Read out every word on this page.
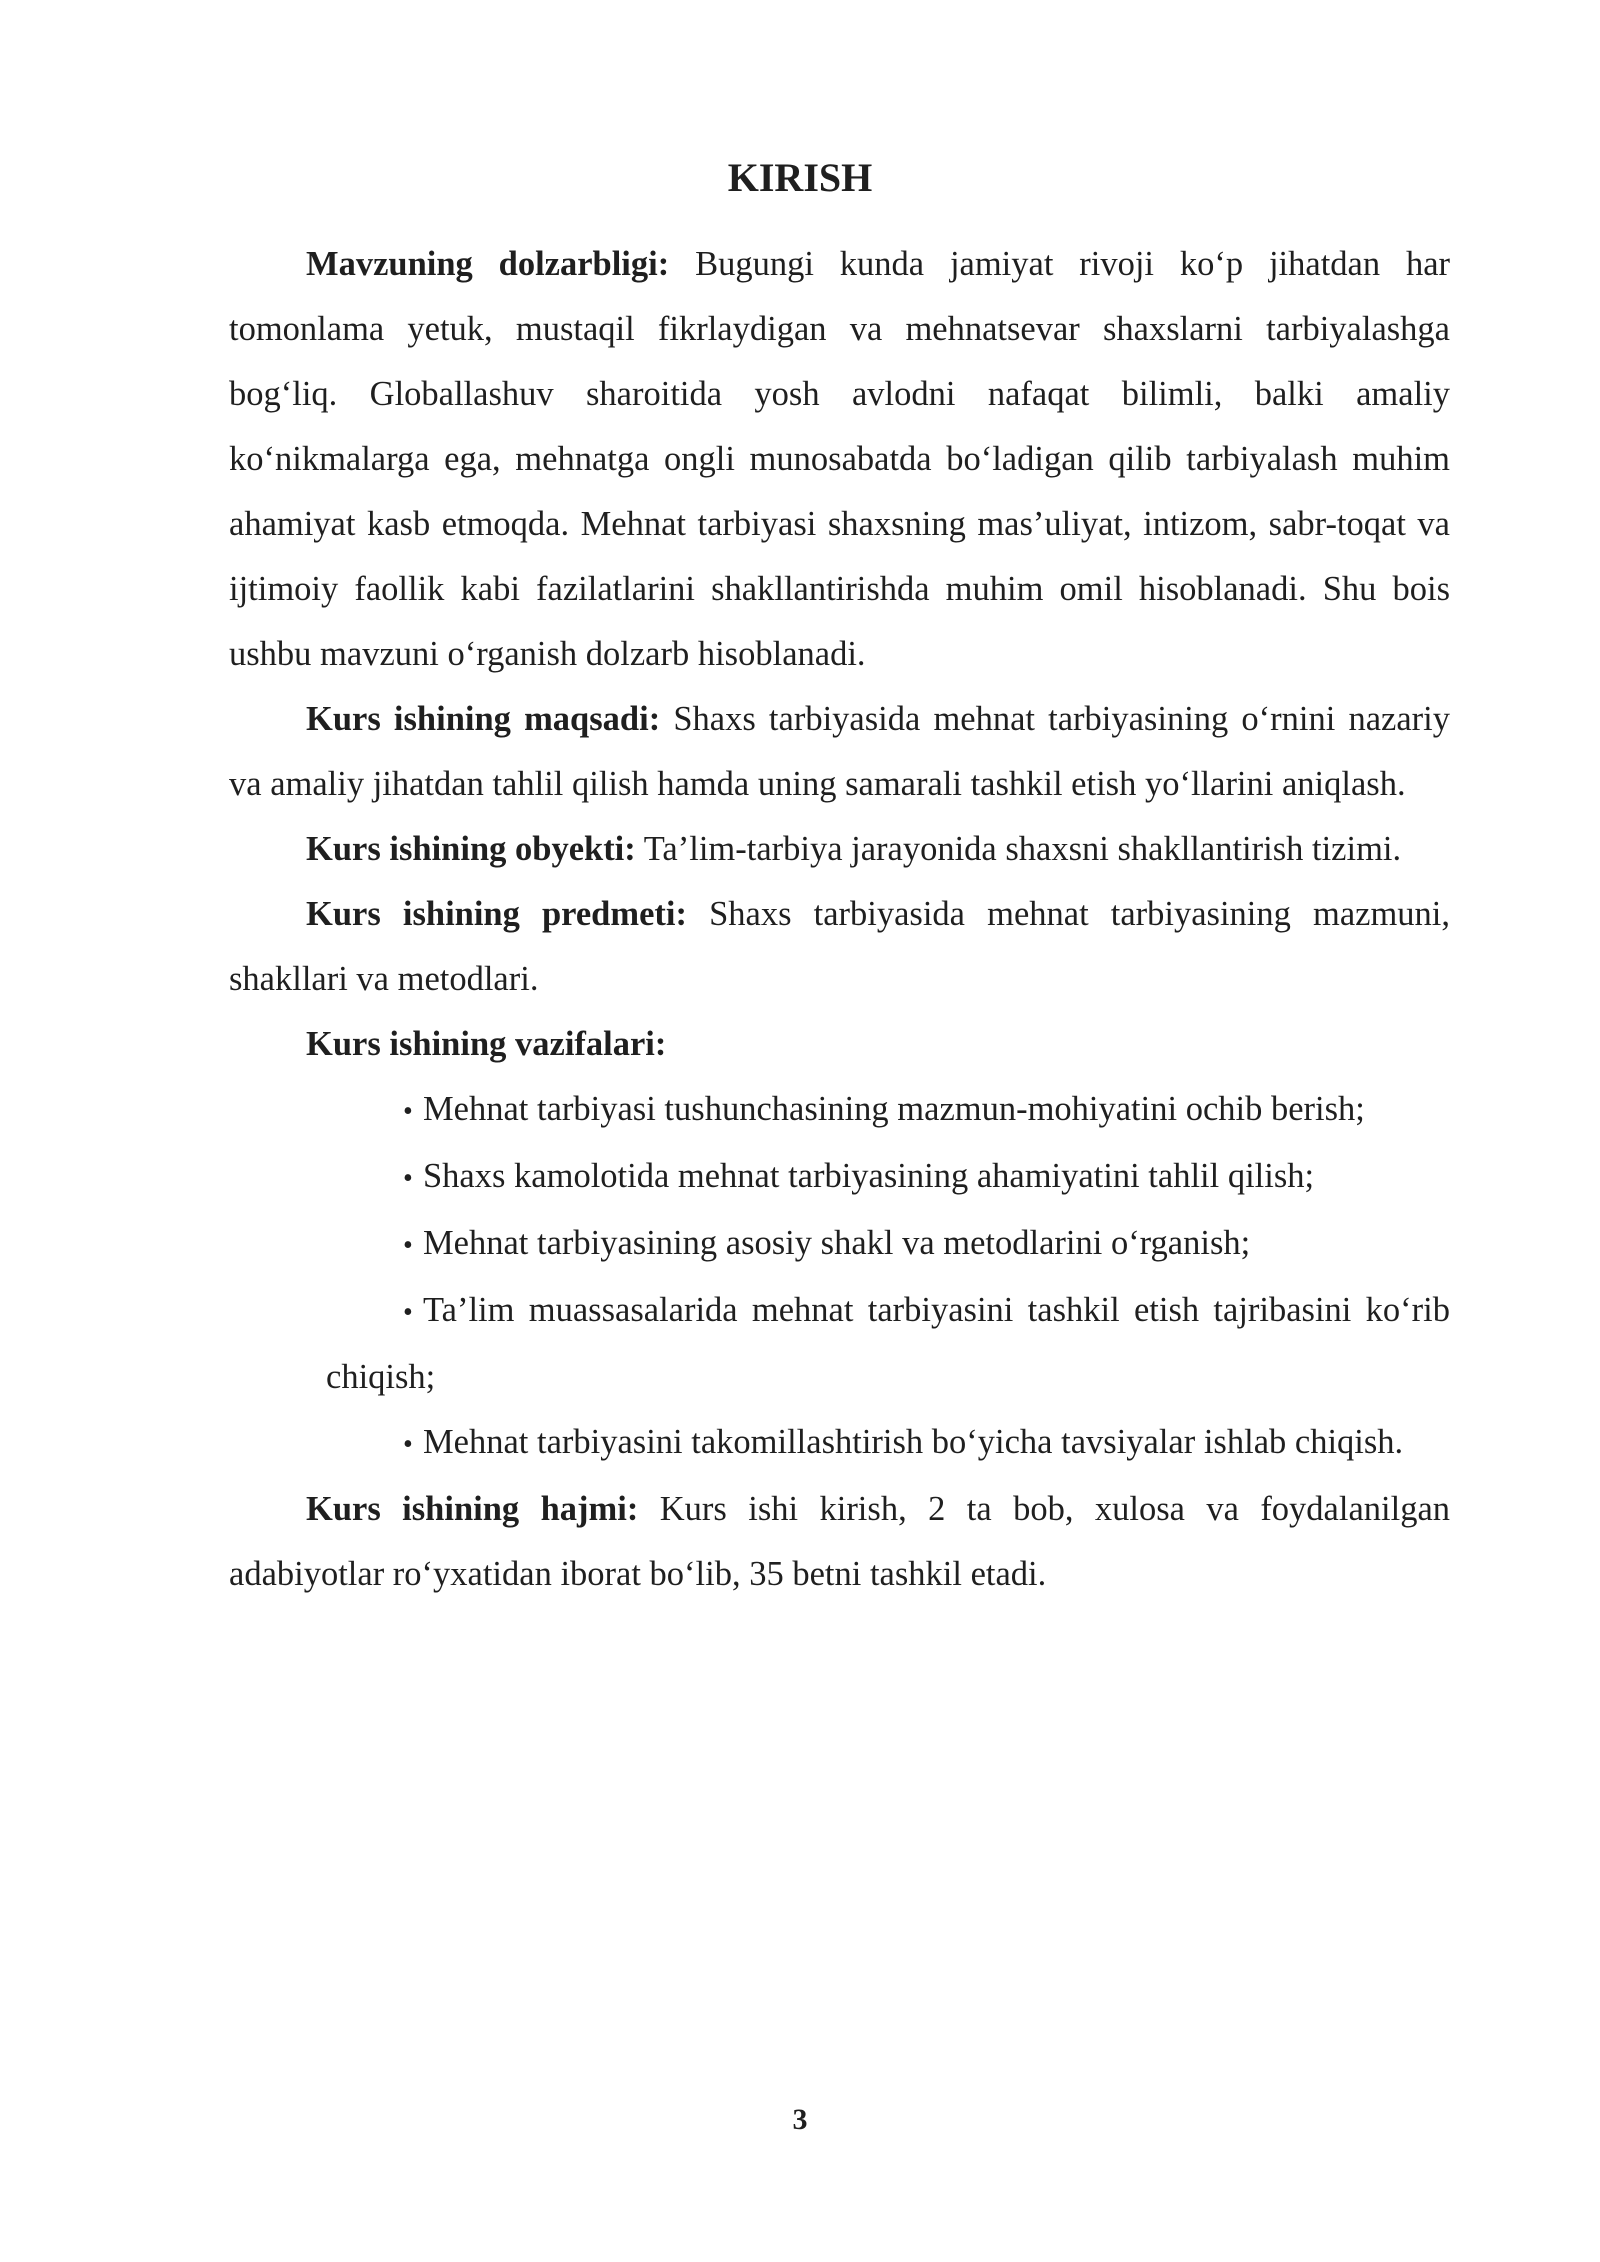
KIRISH

Mavzuning dolzarbligi: Bugungi kunda jamiyat rivoji ko‘p jihatdan har tomonlama yetuk, mustaqil fikrlaydigan va mehnatsevar shaxslarni tarbiyalashga bog‘liq. Globallashuv sharoitida yosh avlodni nafaqat bilimli, balki amaliy ko‘nikmalarga ega, mehnatga ongli munosabatda bo‘ladigan qilib tarbiyalash muhim ahamiyat kasb etmoqda. Mehnat tarbiyasi shaxsning mas’uliyat, intizom, sabr-toqat va ijtimoiy faollik kabi fazilatlarini shakllantirishda muhim omil hisoblanadi. Shu bois ushbu mavzuni o‘rganish dolzarb hisoblanadi.

Kurs ishining maqsadi: Shaxs tarbiyasida mehnat tarbiyasining o‘rnini nazariy va amaliy jihatdan tahlil qilish hamda uning samarali tashkil etish yo‘llarini aniqlash.

Kurs ishining obyekti: Ta’lim-tarbiya jarayonida shaxsni shakllantirish tizimi.

Kurs ishining predmeti: Shaxs tarbiyasida mehnat tarbiyasining mazmuni, shakllari va metodlari.

Kurs ishining vazifalari:

• Mehnat tarbiyasi tushunchasining mazmun-mohiyatini ochib berish;

• Shaxs kamolotida mehnat tarbiyasining ahamiyatini tahlil qilish;

• Mehnat tarbiyasining asosiy shakl va metodlarini o‘rganish;

• Ta’lim muassasalarida mehnat tarbiyasini tashkil etish tajribasini ko‘rib chiqish;

• Mehnat tarbiyasini takomillashtirish bo‘yicha tavsiyalar ishlab chiqish.

Kurs ishining hajmi: Kurs ishi kirish, 2 ta bob, xulosa va foydalanilgan adabiyotlar ro‘yxatidan iborat bo‘lib, 35 betni tashkil etadi.

3
